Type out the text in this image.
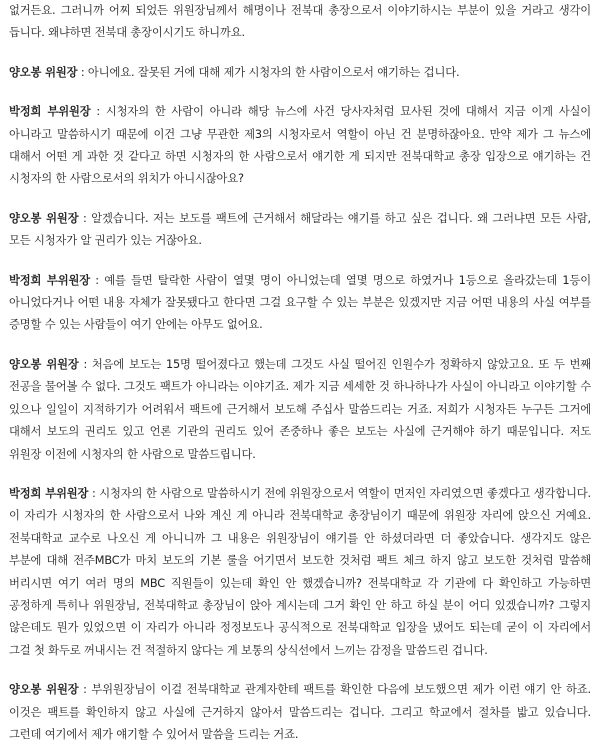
없거든요. 그러니까 어찌 되었든 위원장님께서 해명이나 전북대 총장으로서 이야기하시는 부분이 있을 거라고 생각이 듭니다. 왜냐하면 전북대 총장이시기도 하니까요.

양오봉 위원장 : 아니에요. 잘못된 거에 대해 제가 시청자의 한 사람이으로서 얘기하는 겁니다.

박정희 부위원장 : 시청자의 한 사람이 아니라 해당 뉴스에 사건 당사자처럼 묘사된 것에 대해서 지금 이게 사실이 아니라고 말씀하시기 때문에 이건 그냥 무관한 제3의 시청자로서 역할이 아닌 건 분명하잖아요. 만약 제가 그 뉴스에 대해서 어떤 게 과한 것 같다고 하면 시청자의 한 사람으로서 얘기한 게 되지만 전북대학교 총장 입장으로 얘기하는 건 시청자의 한 사람으로서의 위치가 아니시잖아요?

양오봉 위원장 : 알겠습니다. 저는 보도를 팩트에 근거해서 해달라는 얘기를 하고 싶은 겁니다. 왜 그러냐면 모든 사람, 모든 시청자가 알 권리가 있는 거잖아요.

박정희 부위원장 : 예를 들면 탈락한 사람이 열몇 명이 아니었는데 열몇 명으로 하였거나 1등으로 올라갔는데 1등이 아니었다거나 어떤 내용 자체가 잘못됐다고 한다면 그걸 요구할 수 있는 부분은 있겠지만 지금 어떤 내용의 사실 여부를 증명할 수 있는 사람들이 여기 안에는 아무도 없어요.

양오봉 위원장 : 처음에 보도는 15명 떨어졌다고 했는데 그것도 사실 떨어진 인원수가 정확하지 않았고요. 또 두 번째 전공을 물어볼 수 없다. 그것도 팩트가 아니라는 이야기죠. 제가 지금 세세한 것 하나하나가 사실이 아니라고 이야기할 수 있으나 일일이 지적하기가 어려워서 팩트에 근거해서 보도해 주십사 말씀드리는 거죠. 저희가 시청자든 누구든 그거에 대해서 보도의 권리도 있고 언론 기관의 권리도 있어 존중하나 좋은 보도는 사실에 근거해야 하기 때문입니다. 저도 위원장 이전에 시청자의 한 사람으로 말씀드립니다.

박정희 부위원장 : 시청자의 한 사람으로 말씀하시기 전에 위원장으로서 역할이 먼저인 자리였으면 좋겠다고 생각합니다. 이 자리가 시청자의 한 사람으로서 나와 계신 게 아니라 전북대학교 총장님이기 때문에 위원장 자리에 앉으신 거예요. 전북대학교 교수로 나오신 게 아니니까 그 내용은 위원장님이 얘기를 안 하셨더라면 더 좋았습니다. 생각지도 않은 부분에 대해 전주MBC가 마치 보도의 기본 룰을 어기면서 보도한 것처럼 팩트 체크 하지 않고 보도한 것처럼 말씀해 버리시면 여기 여러 명의 MBC 직원들이 있는데 확인 안 했겠습니까? 전북대학교 각 기관에 다 확인하고 가능하면 공정하게 특히나 위원장님, 전북대학교 총장님이 앉아 계시는데 그거 확인 안 하고 하실 분이 어디 있겠습니까? 그렇지 않은데도 뭔가 있었으면 이 자리가 아니라 정정보도나 공식적으로 전북대학교 입장을 냈어도 되는데 굳이 이 자리에서 그걸 첫 화두로 꺼내시는 건 적절하지 않다는 게 보통의 상식선에서 느끼는 감정을 말씀드린 겁니다.

양오봉 위원장 : 부위원장님이 이걸 전북대학교 관계자한테 팩트를 확인한 다음에 보도했으면 제가 이런 얘기 안 하죠. 이것은 팩트를 확인하지 않고 사실에 근거하지 않아서 말씀드리는 겁니다. 그리고 학교에서 절차를 밟고 있습니다. 그런데 여기에서 제가 얘기할 수 있어서 말씀을 드리는 거죠.
